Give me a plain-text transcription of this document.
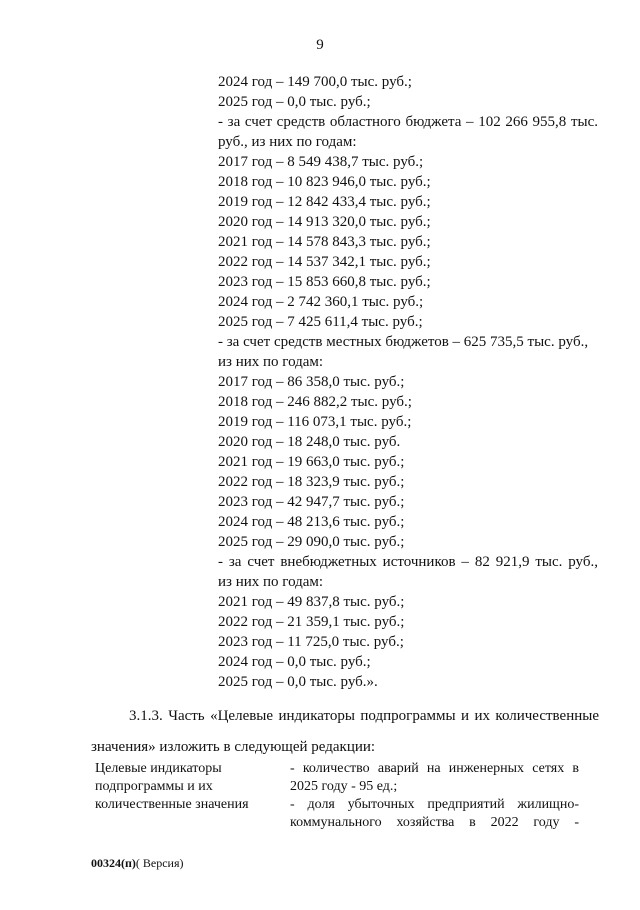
9
2024 год – 149 700,0 тыс. руб.;
2025 год – 0,0 тыс. руб.;
- за счет средств областного бюджета – 102 266 955,8 тыс.
руб., из них по годам:
2017 год – 8 549 438,7 тыс. руб.;
2018 год – 10 823 946,0 тыс. руб.;
2019 год – 12 842 433,4 тыс. руб.;
2020 год – 14 913 320,0 тыс. руб.;
2021 год – 14 578 843,3 тыс. руб.;
2022 год – 14 537 342,1 тыс. руб.;
2023 год – 15 853 660,8 тыс. руб.;
2024 год – 2 742 360,1 тыс. руб.;
2025 год – 7 425 611,4 тыс. руб.;
- за счет средств местных бюджетов – 625 735,5 тыс. руб.,
из них по годам:
2017 год – 86 358,0 тыс. руб.;
2018 год – 246 882,2 тыс. руб.;
2019 год – 116 073,1 тыс. руб.;
2020 год – 18 248,0 тыс. руб.
2021 год – 19 663,0 тыс. руб.;
2022 год – 18 323,9 тыс. руб.;
2023 год – 42 947,7 тыс. руб.;
2024 год – 48 213,6 тыс. руб.;
2025 год – 29 090,0 тыс. руб.;
- за счет внебюджетных источников – 82 921,9 тыс. руб.,
из них по годам:
2021 год – 49 837,8 тыс. руб.;
2022 год – 21 359,1 тыс. руб.;
2023 год – 11 725,0 тыс. руб.;
2024 год – 0,0 тыс. руб.;
2025 год – 0,0 тыс. руб.».
3.1.3. Часть «Целевые индикаторы подпрограммы и их количественные
значения» изложить в следующей редакции:
Целевые индикаторы
подпрограммы и их
количественные значения
- количество аварий на инженерных сетях в
2025 году - 95 ед.;
- доля убыточных предприятий жилищно-
коммунального хозяйства в 2022 году -
00324(п)( Версия)
